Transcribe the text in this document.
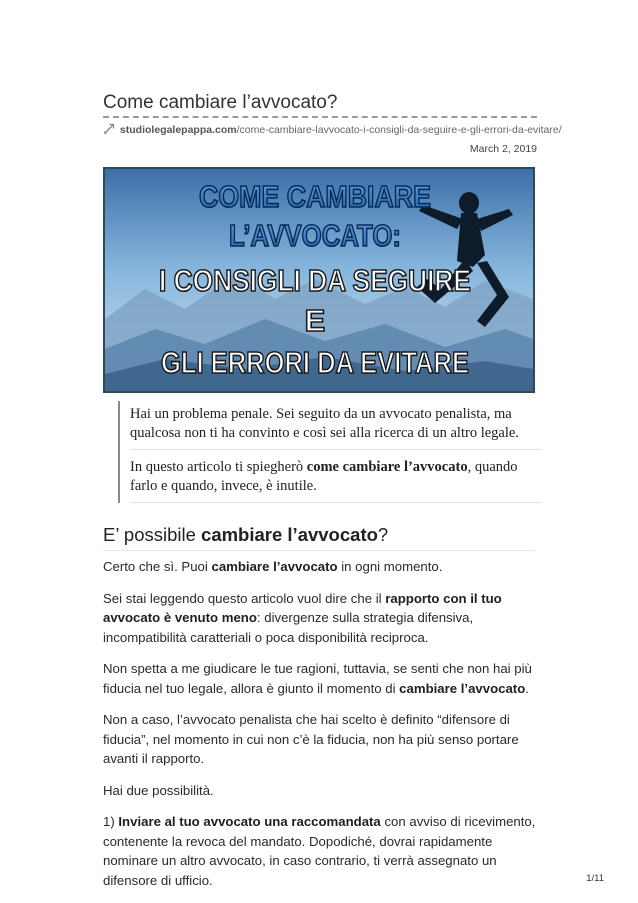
Come cambiare l’avvocato?
studiolegalepappa.com/come-cambiare-lavvocato-i-consigli-da-seguire-e-gli-errori-da-evitare/
March 2, 2019
COME CAMBIARE
L’AVVOCATO:
I CONSIGLI DA SEGUIRE
E
GLI ERRORI DA EVITARE

Hai un problema penale. Sei seguito da un avvocato penalista, ma qualcosa non ti ha convinto e così sei alla ricerca di un altro legale.

In questo articolo ti spiegherò come cambiare l’avvocato, quando farlo e quando, invece, è inutile.

E’ possibile cambiare l’avvocato?

Certo che sì. Puoi cambiare l’avvocato in ogni momento.

Sei stai leggendo questo articolo vuol dire che il rapporto con il tuo avvocato è venuto meno: divergenze sulla strategia difensiva, incompatibilità caratteriali o poca disponibilità reciproca.

Non spetta a me giudicare le tue ragioni, tuttavia, se senti che non hai più fiducia nel tuo legale, allora è giunto il momento di cambiare l’avvocato.

Non a caso, l’avvocato penalista che hai scelto è definito “difensore di fiducia”, nel momento in cui non c’è la fiducia, non ha più senso portare avanti il rapporto.

Hai due possibilità.

1) Inviare al tuo avvocato una raccomandata con avviso di ricevimento, contenente la revoca del mandato. Dopodiché, dovrai rapidamente nominare un altro avvocato, in caso contrario, ti verrà assegnato un difensore di ufficio.	1/11
